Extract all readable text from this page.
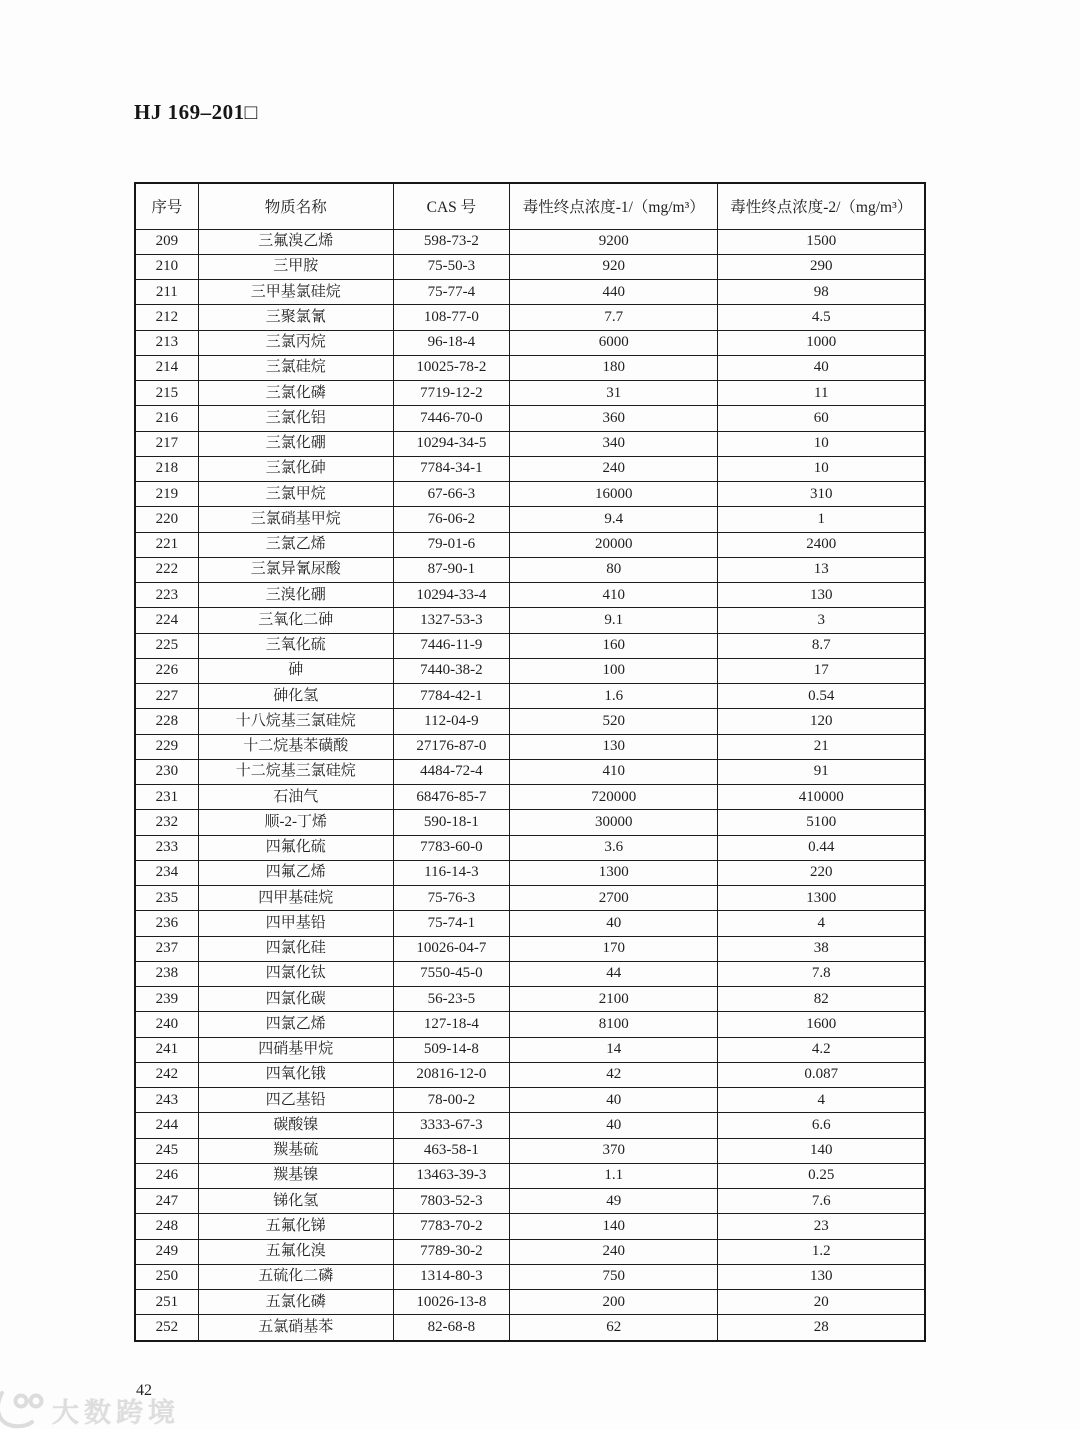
HJ 169–201□
序号	物质名称	CAS 号	毒性终点浓度-1/（mg/m³）	毒性终点浓度-2/（mg/m³）
209	三氟溴乙烯	598-73-2	9200	1500
210	三甲胺	75-50-3	920	290
211	三甲基氯硅烷	75-77-4	440	98
212	三聚氯氰	108-77-0	7.7	4.5
213	三氯丙烷	96-18-4	6000	1000
214	三氯硅烷	10025-78-2	180	40
215	三氯化磷	7719-12-2	31	11
216	三氯化铝	7446-70-0	360	60
217	三氯化硼	10294-34-5	340	10
218	三氯化砷	7784-34-1	240	10
219	三氯甲烷	67-66-3	16000	310
220	三氯硝基甲烷	76-06-2	9.4	1
221	三氯乙烯	79-01-6	20000	2400
222	三氯异氰尿酸	87-90-1	80	13
223	三溴化硼	10294-33-4	410	130
224	三氧化二砷	1327-53-3	9.1	3
225	三氧化硫	7446-11-9	160	8.7
226	砷	7440-38-2	100	17
227	砷化氢	7784-42-1	1.6	0.54
228	十八烷基三氯硅烷	112-04-9	520	120
229	十二烷基苯磺酸	27176-87-0	130	21
230	十二烷基三氯硅烷	4484-72-4	410	91
231	石油气	68476-85-7	720000	410000
232	顺-2-丁烯	590-18-1	30000	5100
233	四氟化硫	7783-60-0	3.6	0.44
234	四氟乙烯	116-14-3	1300	220
235	四甲基硅烷	75-76-3	2700	1300
236	四甲基铅	75-74-1	40	4
237	四氯化硅	10026-04-7	170	38
238	四氯化钛	7550-45-0	44	7.8
239	四氯化碳	56-23-5	2100	82
240	四氯乙烯	127-18-4	8100	1600
241	四硝基甲烷	509-14-8	14	4.2
242	四氧化锇	20816-12-0	42	0.087
243	四乙基铅	78-00-2	40	4
244	碳酸镍	3333-67-3	40	6.6
245	羰基硫	463-58-1	370	140
246	羰基镍	13463-39-3	1.1	0.25
247	锑化氢	7803-52-3	49	7.6
248	五氟化锑	7783-70-2	140	23
249	五氟化溴	7789-30-2	240	1.2
250	五硫化二磷	1314-80-3	750	130
251	五氯化磷	10026-13-8	200	20
252	五氯硝基苯	82-68-8	62	28
大数跨境
42
